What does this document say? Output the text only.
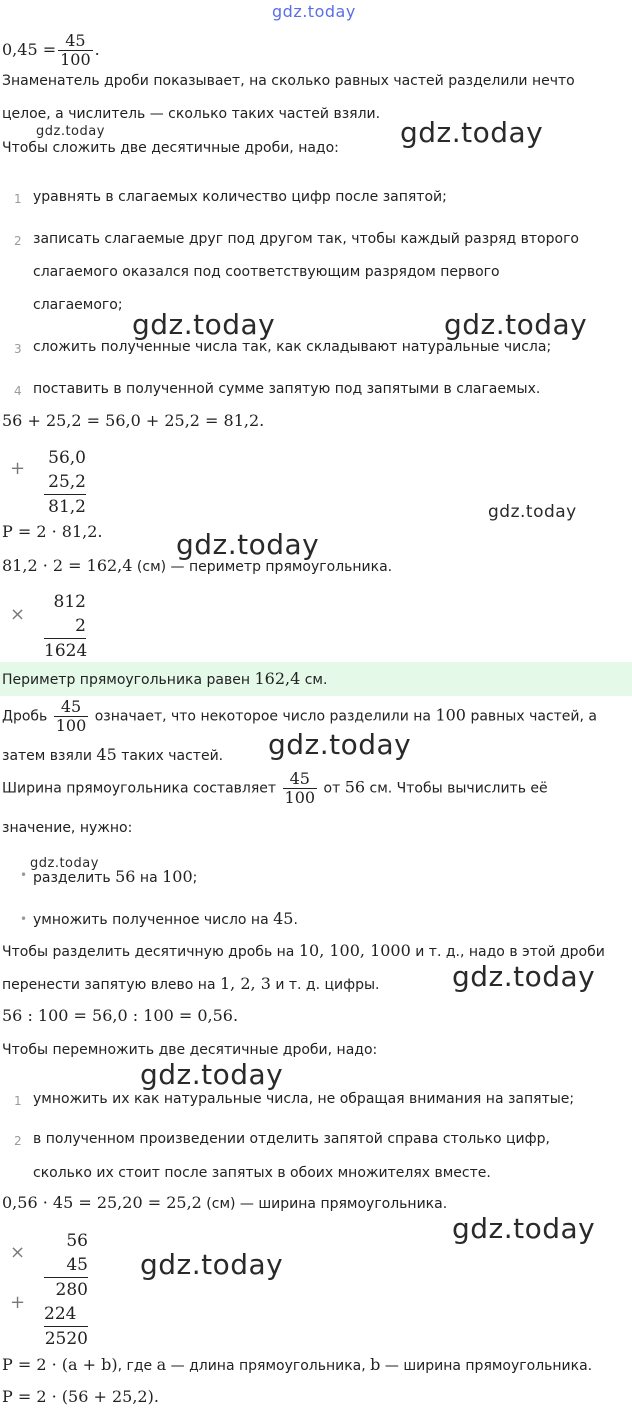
gdz.today
gdz.today	gdz.today
gdz.today	gdz.today
gdz.today
gdz.today
gdz.today
gdz.today
gdz.today
gdz.today
gdz.today
gdz.today
$0,45 = \frac{45}{100}$ .
Знаменатель дроби показывает, на сколько равных частей разделили нечто
целое, а числитель — сколько таких частей взяли.
Чтобы сложить две десятичные дроби, надо:
1 уравнять в слагаемых количество цифр после запятой;
2 записать слагаемые друг под другом так, чтобы каждый разряд второго
слагаемого оказался под соответствующим разрядом первого
слагаемого;
3 сложить полученные числа так, как складывают натуральные числа;
4 поставить в полученной сумме запятую под запятыми в слагаемых.
56 + 25,2 = 56,0 + 25,2 = 81,2.
+ 56,0
25,2
81,2
P = 2 · 81,2.
81,2 · 2 = 162,4 (см) — периметр прямоугольника.
×
812
2
1624
Периметр прямоугольника равен 162,4 см.
Дробь $\frac{45}{100}$ означает, что некоторое число разделили на 100 равных частей, а
затем взяли 45 таких частей.
Ширина прямоугольника составляет $\frac{45}{100}$ от 56 см. Чтобы вычислить её
значение, нужно:
• разделить 56 на 100;
• умножить полученное число на 45.
Чтобы разделить десятичную дробь на 10, 100, 1000 и т. д., надо в этой дроби
перенести запятую влево на 1, 2, 3 и т. д. цифры.
56 : 100 = 56,0 : 100 = 0,56.
Чтобы перемножить две десятичные дроби, надо:
1 умножить их как натуральные числа, не обращая внимания на запятые;
2 в полученном произведении отделить запятой справа столько цифр,
сколько их стоит после запятых в обоих множителях вместе.
0,56 · 45 = 25,20 = 25,2 (см) — ширина прямоугольника.
×
+
56
45
280
224
2520
P = 2 · (a + b), где a — длина прямоугольника, b — ширина прямоугольника.
P = 2 · (56 + 25,2).
